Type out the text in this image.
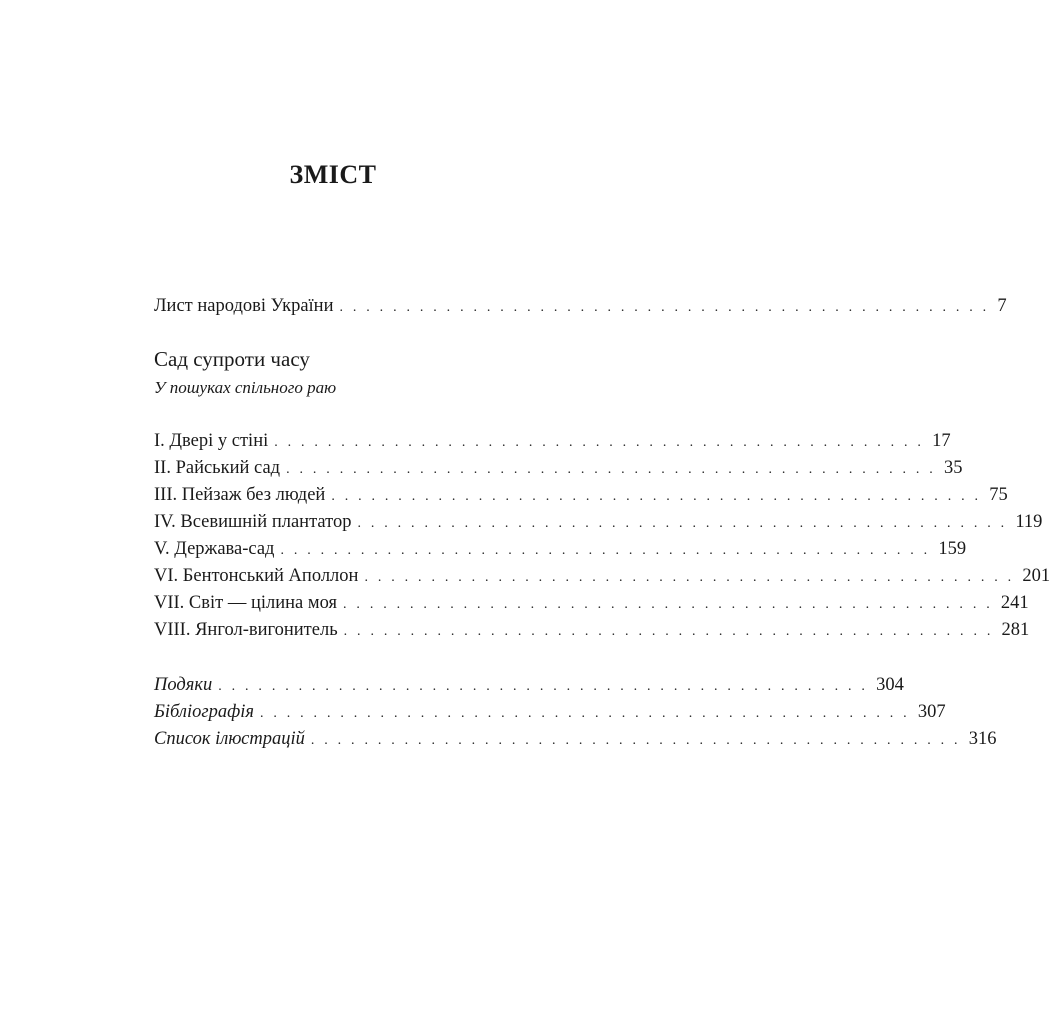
ЗМІСТ
Лист народові України . . . . . . . . . . . . . . . . . . . . . . . . . . . . . . . . . . . . . . . . . . . . . . . . . 7
Сад супроти часу
У пошуках спільного раю
I. Двері у стіні . . . . . . . . . . . . . . . . . . . . . . . . . . . . . . . . . . . . . . . . . . . . . . . . . 17
II. Райський сад . . . . . . . . . . . . . . . . . . . . . . . . . . . . . . . . . . . . . . . . . . . . . . . . . 35
III. Пейзаж без людей . . . . . . . . . . . . . . . . . . . . . . . . . . . . . . . . . . . . . . . . . . . . . . . . . 75
IV. Всевишній плантатор . . . . . . . . . . . . . . . . . . . . . . . . . . . . . . . . . . . . . . . . . . . . . . . . . 119
V. Держава-сад . . . . . . . . . . . . . . . . . . . . . . . . . . . . . . . . . . . . . . . . . . . . . . . . . 159
VI. Бентонський Аполлон . . . . . . . . . . . . . . . . . . . . . . . . . . . . . . . . . . . . . . . . . . . . . . . . . 201
VII. Світ — цілина моя . . . . . . . . . . . . . . . . . . . . . . . . . . . . . . . . . . . . . . . . . . . . . . . . . 241
VIII. Янгол-вигонитель . . . . . . . . . . . . . . . . . . . . . . . . . . . . . . . . . . . . . . . . . . . . . . . . . 281
Подяки . . . . . . . . . . . . . . . . . . . . . . . . . . . . . . . . . . . . . . . . . . . . . . . . . 304
Бібліографія . . . . . . . . . . . . . . . . . . . . . . . . . . . . . . . . . . . . . . . . . . . . . . . . . 307
Список ілюстрацій . . . . . . . . . . . . . . . . . . . . . . . . . . . . . . . . . . . . . . . . . . . . . . . . . 316
